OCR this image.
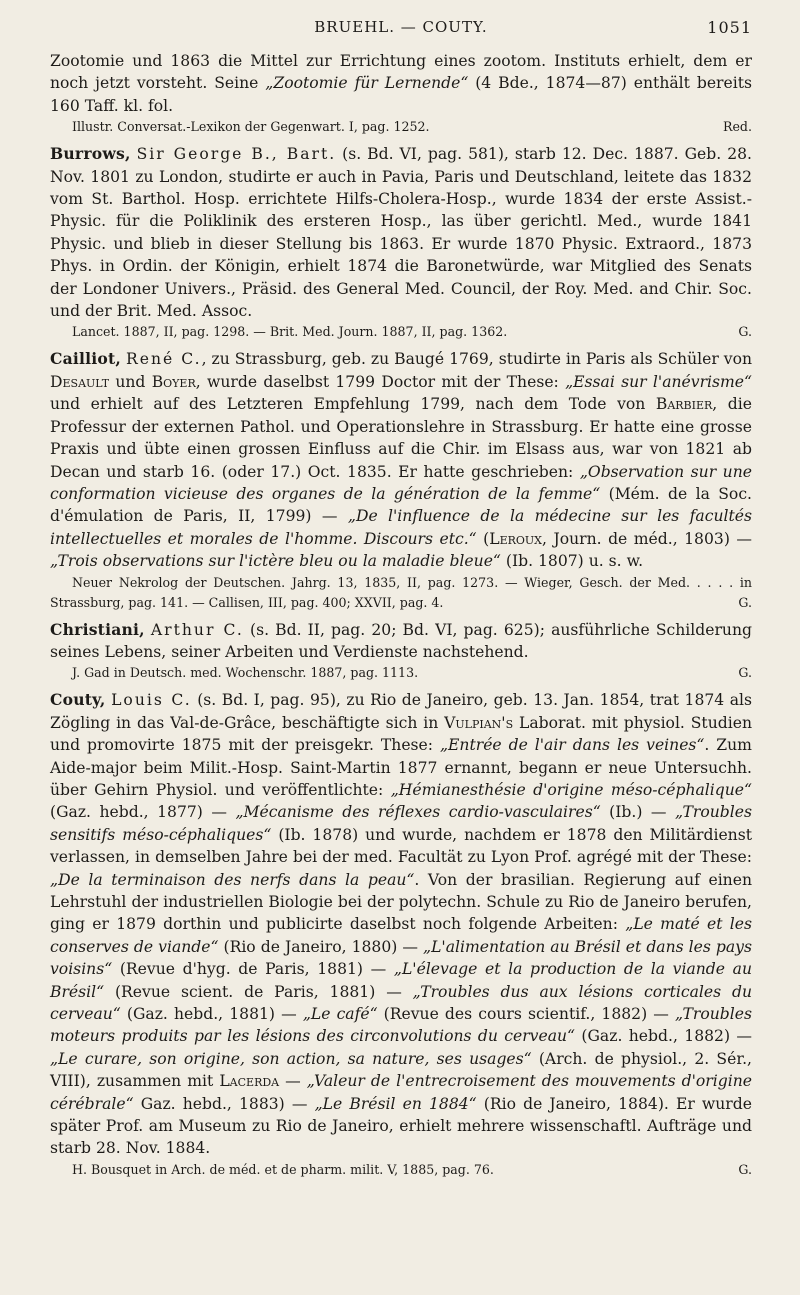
BRUEHL. — COUTY.	1051

Zootomie und 1863 die Mittel zur Errichtung eines zootom. Instituts erhielt, dem er noch jetzt vorsteht. Seine „Zootomie für Lernende“ (4 Bde., 1874—87) enthält bereits 160 Taff. kl. fol.

Illustr. Conversat.-Lexikon der Gegenwart. I, pag. 1252.	Red.

Burrows, Sir George B., Bart. (s. Bd. VI, pag. 581), starb 12. Dec. 1887. Geb. 28. Nov. 1801 zu London, studirte er auch in Pavia, Paris und Deutschland, leitete das 1832 vom St. Barthol. Hosp. errichtete Hilfs-Cholera-Hosp., wurde 1834 der erste Assist.-Physic. für die Poliklinik des ersteren Hosp., las über gerichtl. Med., wurde 1841 Physic. und blieb in dieser Stellung bis 1863. Er wurde 1870 Physic. Extraord., 1873 Phys. in Ordin. der Königin, erhielt 1874 die Baronetwürde, war Mitglied des Senats der Londoner Univers., Präsid. des General Med. Council, der Roy. Med. and Chir. Soc. und der Brit. Med. Assoc.

Lancet. 1887, II, pag. 1298. — Brit. Med. Journ. 1887, II, pag. 1362.	G.

Cailliot, René C., zu Strassburg, geb. zu Baugé 1769, studirte in Paris als Schüler von Desault und Boyer, wurde daselbst 1799 Doctor mit der These: „Essai sur l'anévrisme“ und erhielt auf des Letzteren Empfehlung 1799, nach dem Tode von Barbier, die Professur der externen Pathol. und Operationslehre in Strassburg. Er hatte eine grosse Praxis und übte einen grossen Einfluss auf die Chir. im Elsass aus, war von 1821 ab Decan und starb 16. (oder 17.) Oct. 1835. Er hatte geschrieben: „Observation sur une conformation vicieuse des organes de la génération de la femme“ (Mém. de la Soc. d'émulation de Paris, II, 1799) — „De l'influence de la médecine sur les facultés intellectuelles et morales de l'homme. Discours etc.“ (Leroux, Journ. de méd., 1803) — „Trois observations sur l'ictère bleu ou la maladie bleue“ (Ib. 1807) u. s. w.

Neuer Nekrolog der Deutschen. Jahrg. 13, 1835, II, pag. 1273. — Wieger, Gesch. der Med. . . . . in Strassburg, pag. 141. — Callisen, III, pag. 400; XXVII, pag. 4.	G.

Christiani, Arthur C. (s. Bd. II, pag. 20; Bd. VI, pag. 625); ausführliche Schilderung seines Lebens, seiner Arbeiten und Verdienste nachstehend.

J. Gad in Deutsch. med. Wochenschr. 1887, pag. 1113.	G.

Couty, Louis C. (s. Bd. I, pag. 95), zu Rio de Janeiro, geb. 13. Jan. 1854, trat 1874 als Zögling in das Val-de-Grâce, beschäftigte sich in Vulpian's Laborat. mit physiol. Studien und promovirte 1875 mit der preisgekr. These: „Entrée de l'air dans les veines“. Zum Aide-major beim Milit.-Hosp. Saint-Martin 1877 ernannt, begann er neue Untersuchh. über Gehirn Physiol. und veröffentlichte: „Hémianesthésie d'origine méso-céphalique“ (Gaz. hebd., 1877) — „Mécanisme des réflexes cardio-vasculaires“ (Ib.) — „Troubles sensitifs méso-céphaliques“ (Ib. 1878) und wurde, nachdem er 1878 den Militärdienst verlassen, in demselben Jahre bei der med. Facultät zu Lyon Prof. agrégé mit der These: „De la terminaison des nerfs dans la peau“. Von der brasilian. Regierung auf einen Lehrstuhl der industriellen Biologie bei der polytechn. Schule zu Rio de Janeiro berufen, ging er 1879 dorthin und publicirte daselbst noch folgende Arbeiten: „Le maté et les conserves de viande“ (Rio de Janeiro, 1880) — „L'alimentation au Brésil et dans les pays voisins“ (Revue d'hyg. de Paris, 1881) — „L'élevage et la production de la viande au Brésil“ (Revue scient. de Paris, 1881) — „Troubles dus aux lésions corticales du cerveau“ (Gaz. hebd., 1881) — „Le café“ (Revue des cours scientif., 1882) — „Troubles moteurs produits par les lésions des circonvolutions du cerveau“ (Gaz. hebd., 1882) — „Le curare, son origine, son action, sa nature, ses usages“ (Arch. de physiol., 2. Sér., VIII), zusammen mit Lacerda — „Valeur de l'entrecroisement des mouvements d'origine cérébrale“ Gaz. hebd., 1883) — „Le Brésil en 1884“ (Rio de Janeiro, 1884). Er wurde später Prof. am Museum zu Rio de Janeiro, erhielt mehrere wissenschaftl. Aufträge und starb 28. Nov. 1884.

H. Bousquet in Arch. de méd. et de pharm. milit. V, 1885, pag. 76.	G.
